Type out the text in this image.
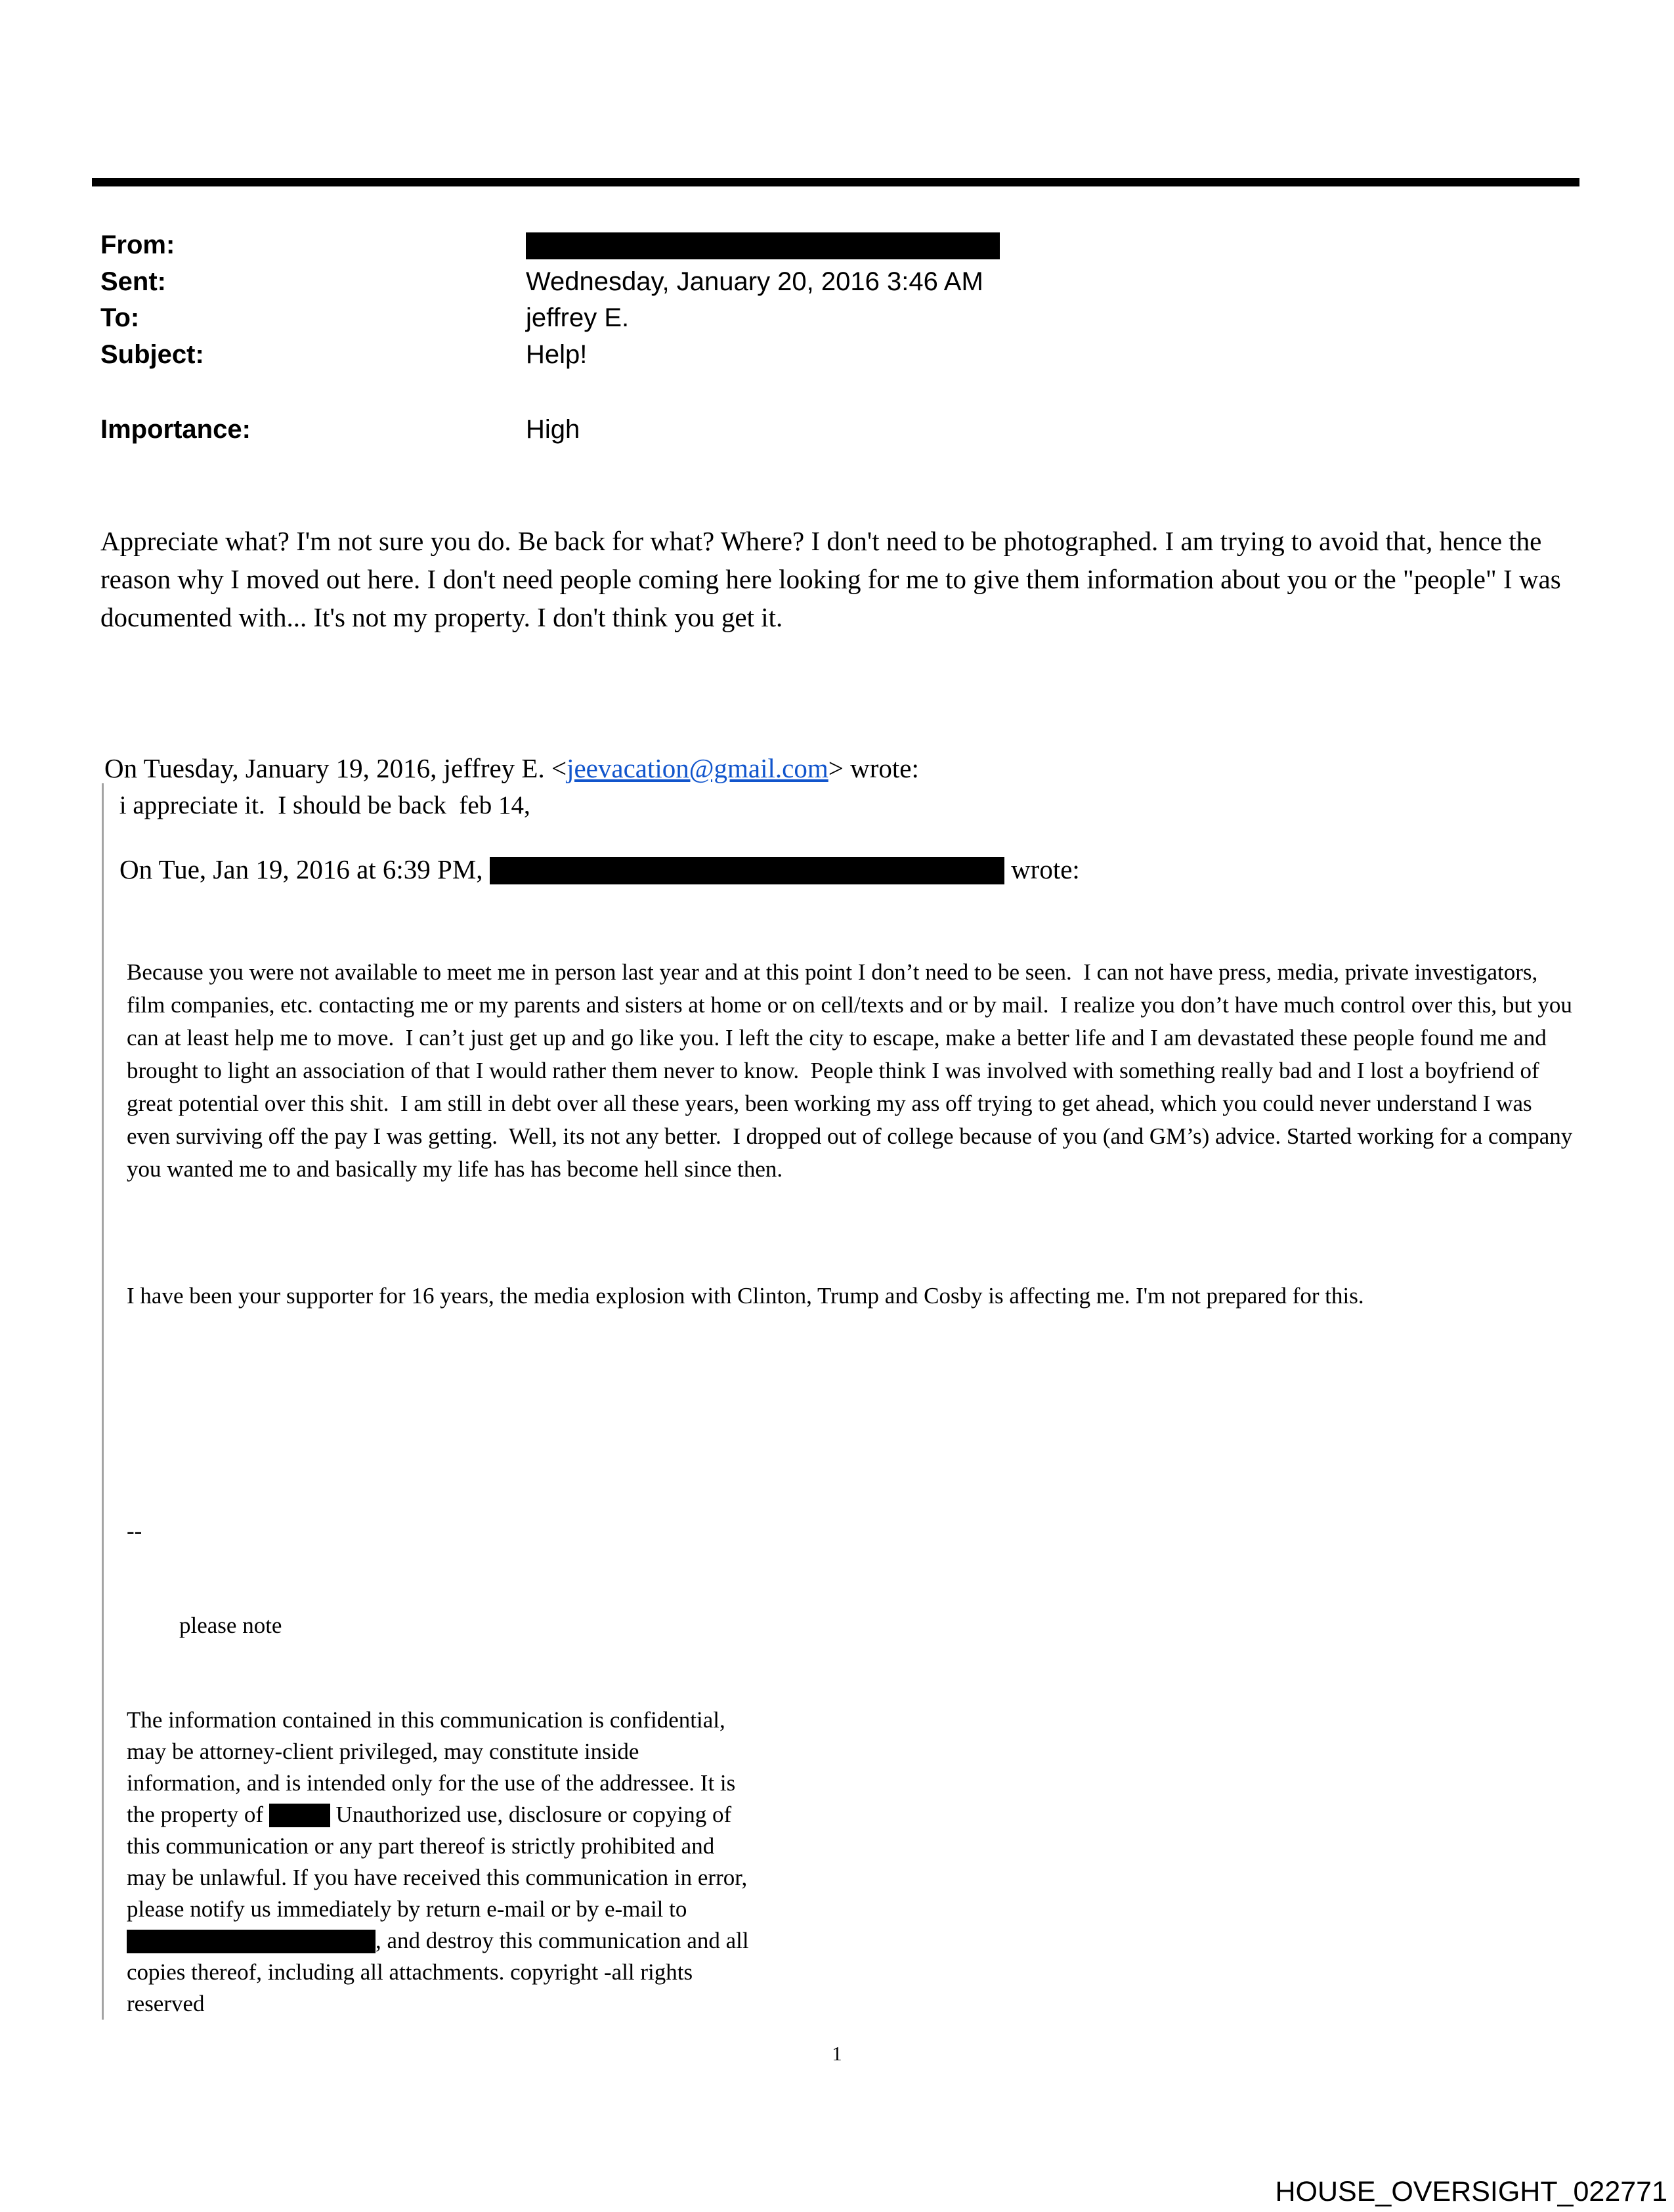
From:
Sent:	Wednesday, January 20, 2016 3:46 AM
To:	jeffrey E.
Subject:	Help!
Importance:	High
Appreciate what? I'm not sure you do. Be back for what? Where? I don't need to be photographed. I am trying to avoid that, hence the reason why I moved out here. I don't need people coming here looking for me to give them information about you or the "people" I was documented with... It's not my property. I don't think you get it.
On Tuesday, January 19, 2016, jeffrey E. <jeevacation@gmail.com> wrote:
i appreciate it.  I should be back  feb 14,
On Tue, Jan 19, 2016 at 6:39 PM,	wrote:

Because you were not available to meet me in person last year and at this point I don’t need to be seen.  I can not have press, media, private investigators, film companies, etc. contacting me or my parents and sisters at home or on cell/texts and or by mail.  I realize you don’t have much control over this, but you can at least help me to move.  I can’t just get up and go like you. I left the city to escape, make a better life and I am devastated these people found me and brought to light an association of that I would rather them never to know.  People think I was involved with something really bad and I lost a boyfriend of great potential over this shit.  I am still in debt over all these years, been working my ass off trying to get ahead, which you could never understand I was even surviving off the pay I was getting.  Well, its not any better.  I dropped out of college because of you (and GM’s) advice. Started working for a company you wanted me to and basically my life has has become hell since then.

I have been your supporter for 16 years, the media explosion with Clinton, Trump and Cosby is affecting me. I'm not prepared for this.

--

please note

The information contained in this communication is confidential, may be attorney-client privileged, may constitute inside information, and is intended only for the use of the addressee. It is the property of	Unauthorized use, disclosure or copying of this communication or any part thereof is strictly prohibited and may be unlawful. If you have received this communication in error, please notify us immediately by return e-mail or by e-mail to , and destroy this communication and all copies thereof, including all attachments. copyright -all rights reserved

1
HOUSE_OVERSIGHT_022771
